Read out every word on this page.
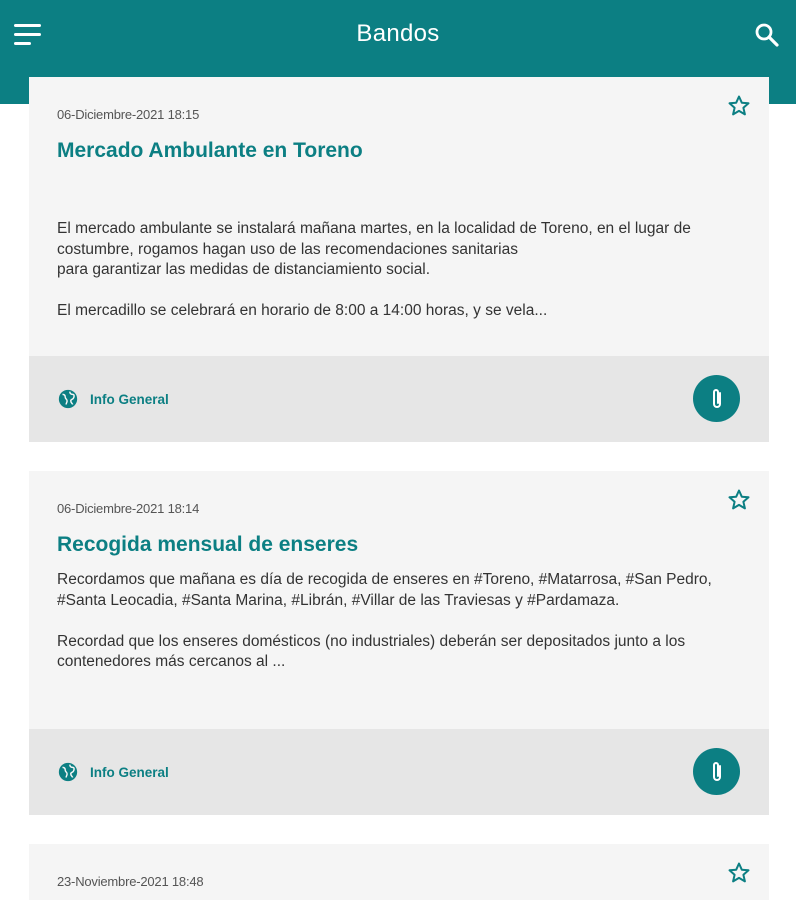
Bandos
06-Diciembre-2021 18:15
Mercado Ambulante en Toreno
El mercado ambulante se instalará mañana martes, en la localidad de Toreno, en el lugar de costumbre, rogamos hagan uso de las recomendaciones sanitarias
para garantizar las medidas de distanciamiento social.

El mercadillo se celebrará en horario de 8:00 a 14:00 horas, y se vela...
Info General
06-Diciembre-2021 18:14
Recogida mensual de enseres
Recordamos que mañana es día de recogida de enseres en #Toreno, #Matarrosa, #San Pedro, #Santa Leocadia, #Santa Marina, #Librán, #Villar de las Traviesas y #Pardamaza.

Recordad que los enseres domésticos (no industriales) deberán ser depositados junto a los contenedores más cercanos al ...
Info General
23-Noviembre-2021 18:48
